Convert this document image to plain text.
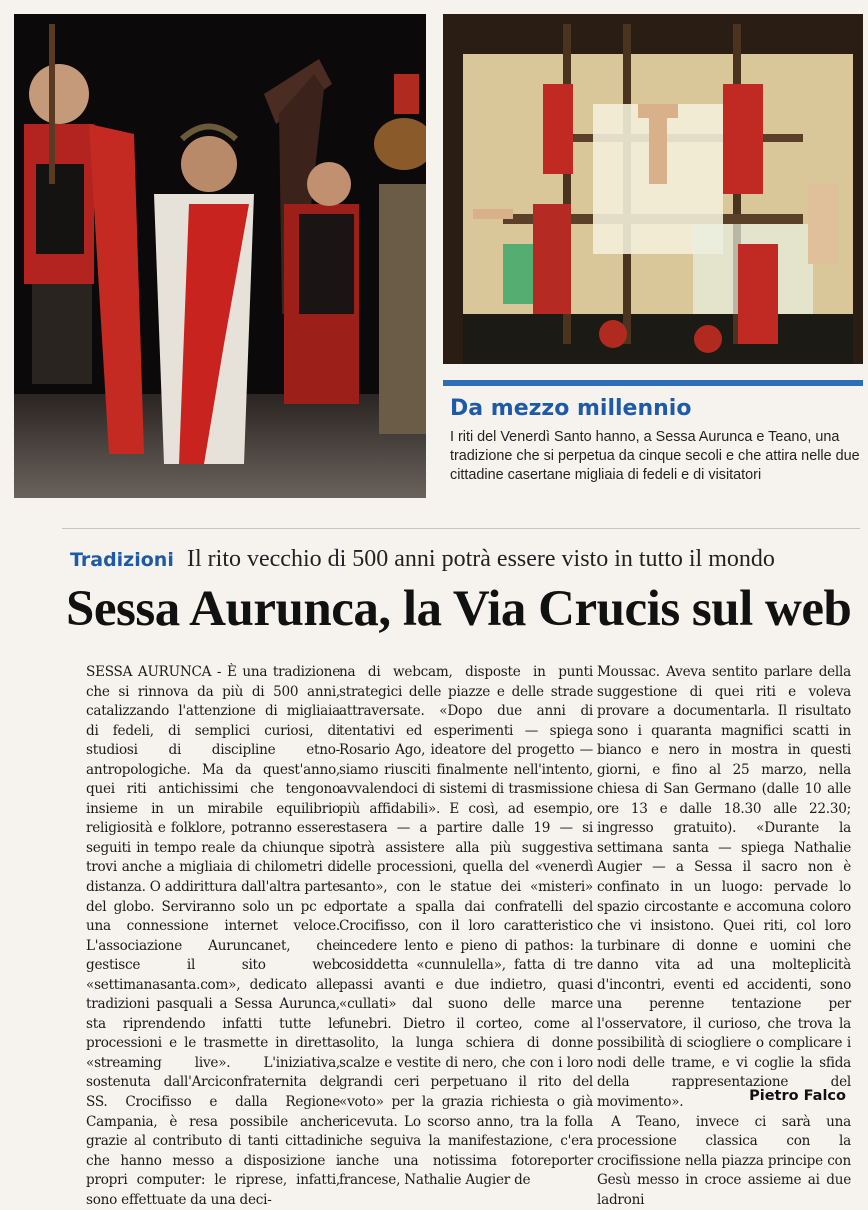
Da mezzo millennio
I riti del Venerdì Santo hanno, a Sessa Aurunca e Teano, una tradizione che si perpetua da cinque secoli e che attira nelle due cittadine casertane migliaia di fedeli e di visitatori
Tradizioni Il rito vecchio di 500 anni potrà essere visto in tutto il mondo
Sessa Aurunca, la Via Crucis sul web

SESSA AURUNCA - È una tradizione che si rinnova da più di 500 anni, catalizzando l'attenzione di migliaia di fedeli, di semplici curiosi, di studiosi di discipline etno-antropologiche. Ma da quest'anno, quei riti antichissimi che tengono insieme in un mirabile equilibrio religiosità e folklore, potranno essere seguiti in tempo reale da chiunque si trovi anche a migliaia di chilometri di distanza. O addirittura dall'altra parte del globo. Serviranno solo un pc ed una connessione internet veloce. L'associazione Auruncanet, che gestisce il sito web «settimanasanta.com», dedicato alle tradizioni pasquali a Sessa Aurunca, sta riprendendo infatti tutte le processioni e le trasmette in diretta «streaming live». L'iniziativa, sostenuta dall'Arciconfraternita del SS. Crocifisso e dalla Regione Campania, è resa possibile anche grazie al contributo di tanti cittadini che hanno messo a disposizione i propri computer: le riprese, infatti, sono effettuate da una deci-

na di webcam, disposte in punti strategici delle piazze e delle strade attraversate. «Dopo due anni di tentativi ed esperimenti — spiega Rosario Ago, ideatore del progetto — siamo riusciti finalmente nell'intento, avvalendoci di sistemi di trasmissione più affidabili». E così, ad esempio, stasera — a partire dalle 19 — si potrà assistere alla più suggestiva delle processioni, quella del «venerdì santo», con le statue dei «misteri» portate a spalla dai confratelli del Crocifisso, con il loro caratteristico incedere lento e pieno di pathos: la cosiddetta «cunnulella», fatta di tre passi avanti e due indietro, quasi «cullati» dal suono delle marce funebri. Dietro il corteo, come al solito, la lunga schiera di donne scalze e vestite di nero, che con i loro grandi ceri perpetuano il rito del «voto» per la grazia richiesta o già ricevuta. Lo scorso anno, tra la folla che seguiva la manifestazione, c'era anche una notissima fotoreporter francese, Nathalie Augier de

Moussac. Aveva sentito parlare della suggestione di quei riti e voleva provare a documentarla. Il risultato sono i quaranta magnifici scatti in bianco e nero in mostra in questi giorni, e fino al 25 marzo, nella chiesa di San Germano (dalle 10 alle ore 13 e dalle 18.30 alle 22.30; ingresso gratuito). «Durante la settimana santa — spiega Nathalie Augier — a Sessa il sacro non è confinato in un luogo: pervade lo spazio circostante e accomuna coloro che vi insistono. Quei riti, col loro turbinare di donne e uomini che danno vita ad una molteplicità d'incontri, eventi ed accidenti, sono una perenne tentazione per l'osservatore, il curioso, che trova la possibilità di sciogliere o complicare i nodi delle trame, e vi coglie la sfida della rappresentazione del movimento».

A Teano, invece ci sarà una processione classica con la crocifissione nella piazza principe con Gesù messo in croce assieme ai due ladroni

Pietro Falco
